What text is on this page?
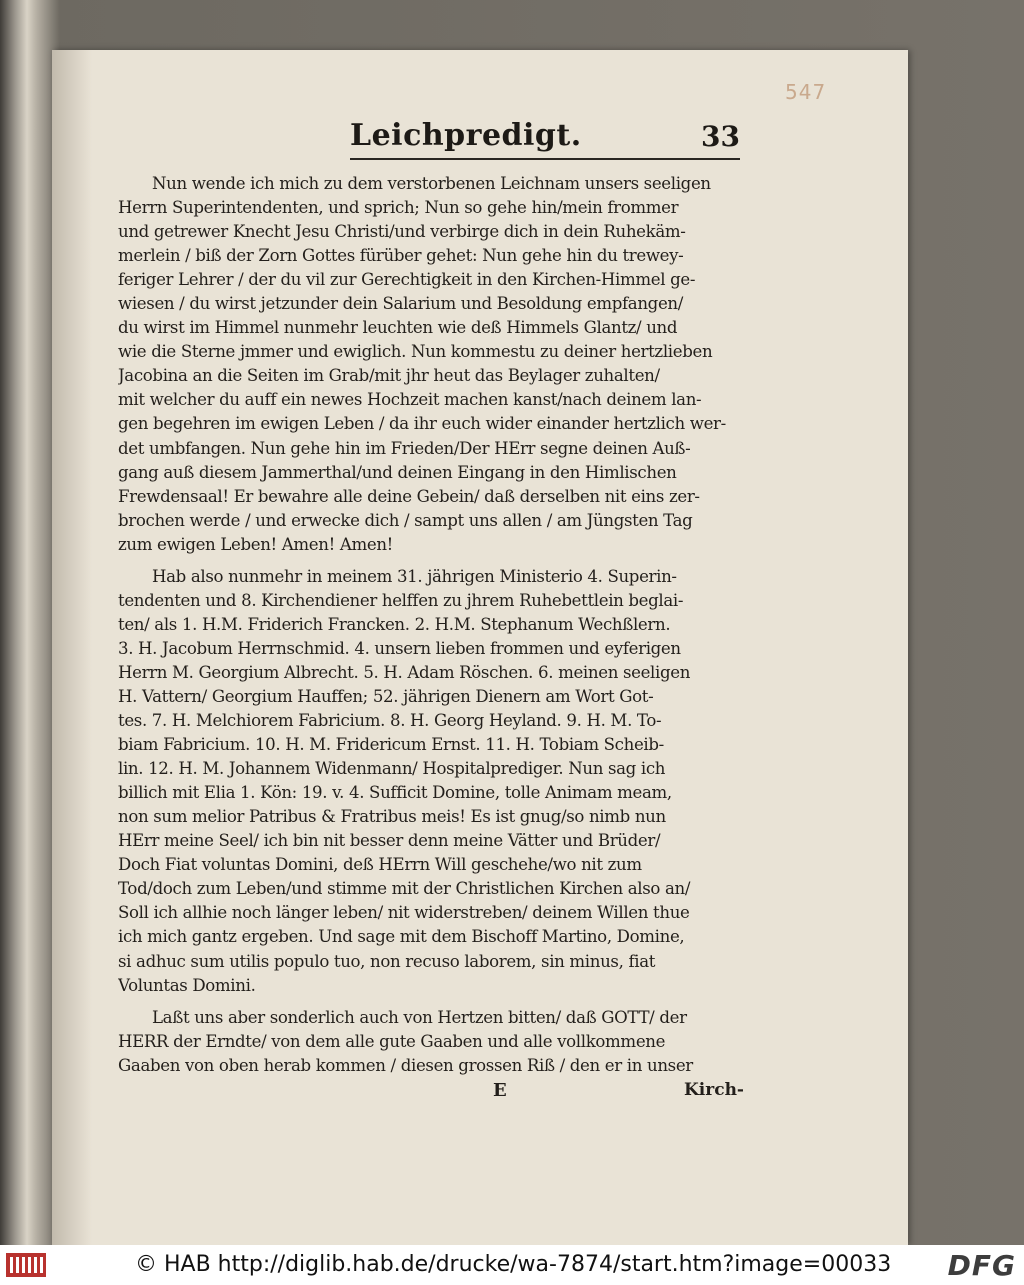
547
Leichpredigt.	33
Nun wende ich mich zu dem verstorbenen Leichnam unsers seeligen
Herrn Superintendenten, und sprich; Nun so gehe hin/mein frommer
und getrewer Knecht Jesu Christi/und verbirge dich in dein Ruhekäm-
merlein / biß der Zorn Gottes fürüber gehet: Nun gehe hin du trewey-
feriger Lehrer / der du vil zur Gerechtigkeit in den Kirchen-Himmel ge-
wiesen / du wirst jetzunder dein Salarium und Besoldung empfangen/
du wirst im Himmel nunmehr leuchten wie deß Himmels Glantz/ und
wie die Sterne jmmer und ewiglich. Nun kommestu zu deiner hertzlieben
Jacobina an die Seiten im Grab/mit jhr heut das Beylager zuhalten/
mit welcher du auff ein newes Hochzeit machen kanst/nach deinem lan-
gen begehren im ewigen Leben / da ihr euch wider einander hertzlich wer-
det umbfangen. Nun gehe hin im Frieden/Der HErr segne deinen Auß-
gang auß diesem Jammerthal/und deinen Eingang in den Himlischen
Frewdensaal! Er bewahre alle deine Gebein/ daß derselben nit eins zer-
brochen werde / und erwecke dich / sampt uns allen / am Jüngsten Tag
zum ewigen Leben! Amen! Amen!
Hab also nunmehr in meinem 31. jährigen Ministerio 4. Superin-
tendenten und 8. Kirchendiener helffen zu jhrem Ruhebettlein beglai-
ten/ als 1. H.M. Friderich Francken. 2. H.M. Stephanum Wechßlern.
3. H. Jacobum Herrnschmid. 4. unsern lieben frommen und eyferigen
Herrn M. Georgium Albrecht. 5. H. Adam Röschen. 6. meinen seeligen
H. Vattern/ Georgium Hauffen; 52. jährigen Dienern am Wort Got-
tes. 7. H. Melchiorem Fabricium. 8. H. Georg Heyland. 9. H. M. To-
biam Fabricium. 10. H. M. Fridericum Ernst. 11. H. Tobiam Scheib-
lin. 12. H. M. Johannem Widenmann/ Hospitalprediger. Nun sag ich
billich mit Elia 1. Kön: 19. v. 4. Sufficit Domine, tolle Animam meam,
non sum melior Patribus & Fratribus meis! Es ist gnug/so nimb nun
HErr meine Seel/ ich bin nit besser denn meine Vätter und Brüder/
Doch Fiat voluntas Domini, deß HErrn Will geschehe/wo nit zum
Tod/doch zum Leben/und stimme mit der Christlichen Kirchen also an/
Soll ich allhie noch länger leben/ nit widerstreben/ deinem Willen thue
ich mich gantz ergeben. Und sage mit dem Bischoff Martino, Domine,
si adhuc sum utilis populo tuo, non recuso laborem, sin minus, fiat
Voluntas Domini.
Laßt uns aber sonderlich auch von Hertzen bitten/ daß GOTT/ der
HERR der Erndte/ von dem alle gute Gaaben und alle vollkommene
Gaaben von oben herab kommen / diesen grossen Riß / den er in unser
E	Kirch-
© HAB http://diglib.hab.de/drucke/wa-7874/start.htm?image=00033 DFG
